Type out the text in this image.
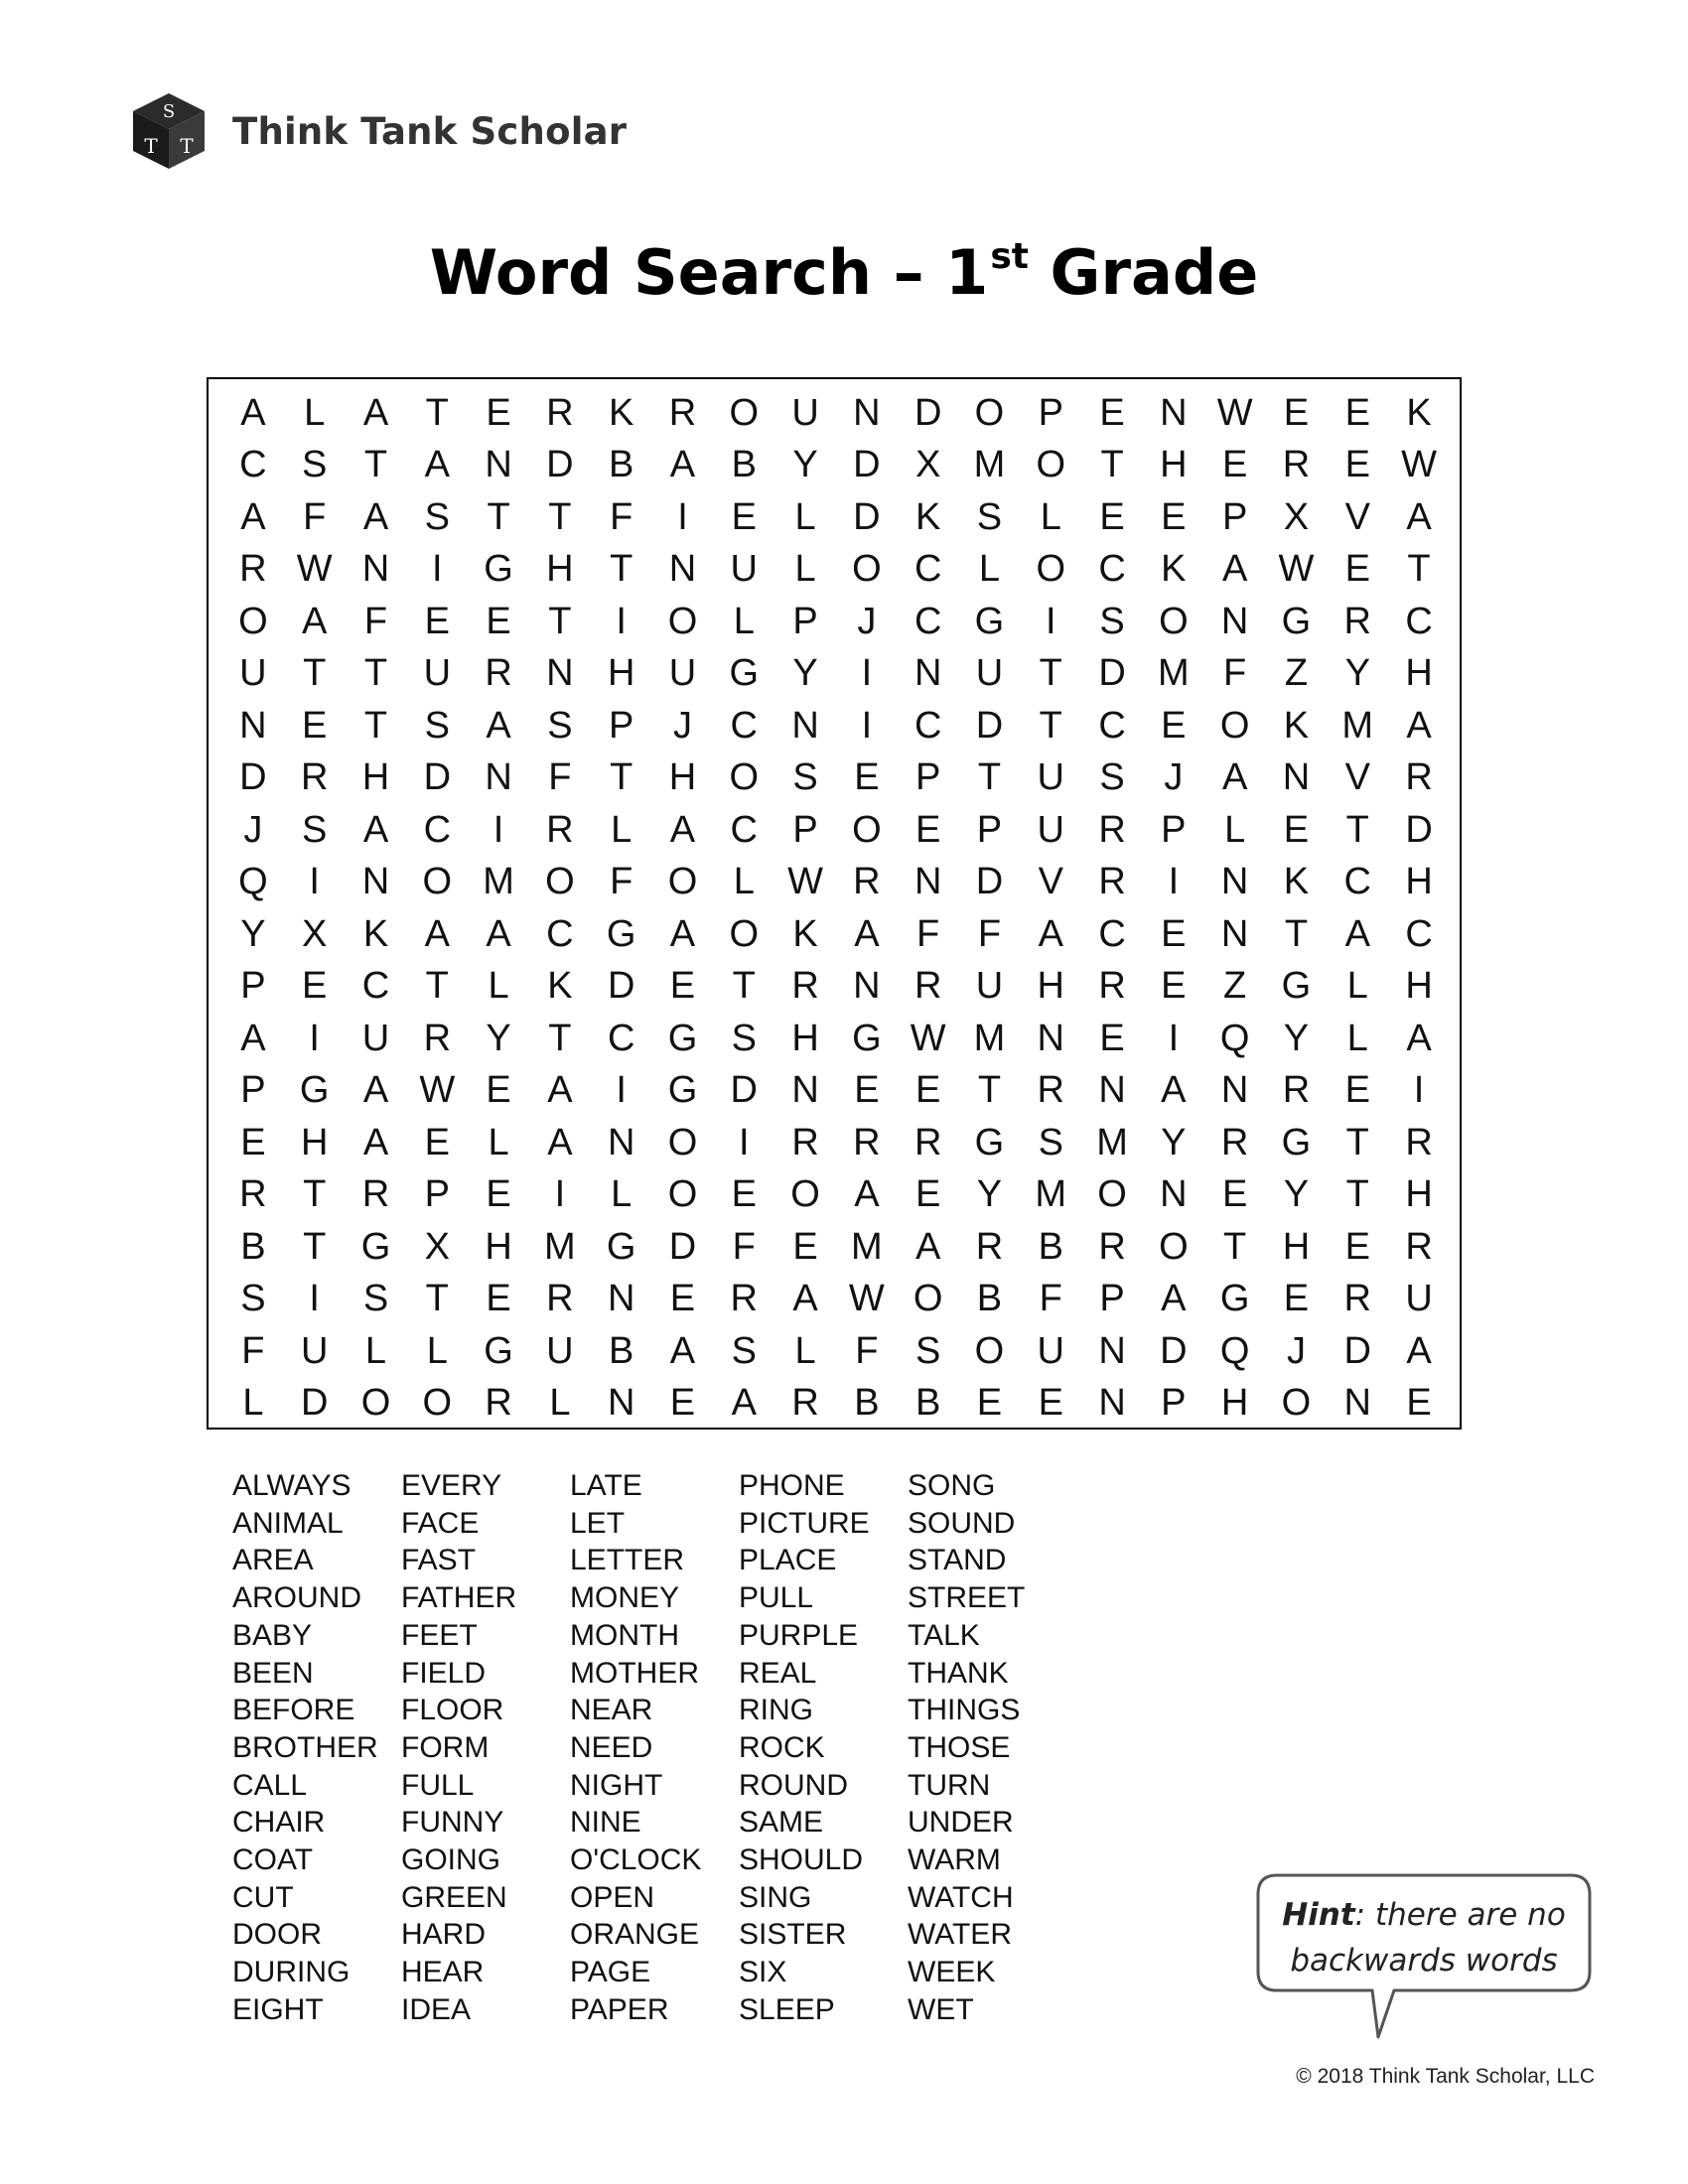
S
T T Think Tank Scholar
Word Search – 1st Grade
A	L	A T E R K R O U N D O P E N W E E K
C S T A N D B A B Y D X M O T H E R E W
A F A S T	T	F	I	E	L D K S	L	E E P X V A
R W N	I	G H T N U L O C L O C K A W E T
O A F E E T	I	O L	P	J	C G	I	S O N G R C
U T	T U R N H U G Y	I	N U T D M F	Z Y H
N E T S A S P	J	C N	I	C D T C E O K M A
D R H D N F	T H O S E P T U S	J	A N V R
J	S A C	I	R L	A C P O E P U R P	L	E T D
Q	I	N O M O F O L W R N D V R	I	N K C H
Y X K A A C G A O K A F	F A C E N T A C
P E C T	L	K D E T R N R U H R E Z G L H
A	I	U R Y T C G S H G W M N E	I	Q Y	L	A
P G A W E A	I	G D N E E T R N A N R E	I
E H A E	L	A N O	I	R R R G S M Y R G T R
R T R P E	I	L O E O A E Y M O N E Y T H
B T G X H M G D F E M A R B R O T H E R
S	I	S T E R N E R A W O B F P A G E R U
F U L	L G U B A S	L	F S O U N D Q J	D A
L D O O R L N E A R B B E E N P H O N E
ALWAYS
ANIMAL
AREA
AROUND
BABY
BEEN
BEFORE
BROTHER
CALL
CHAIR
COAT
CUT
DOOR
DURING
EIGHT
EVERY
FACE
FAST
FATHER
FEET
FIELD
FLOOR
FORM
FULL
FUNNY
GOING
GREEN
HARD
HEAR
IDEA
LATE
LET
LETTER
MONEY
MONTH
MOTHER
NEAR
NEED
NIGHT
NINE
O'CLOCK
OPEN
ORANGE
PAGE
PAPER
PHONE
PICTURE
PLACE
PULL
PURPLE
REAL
RING
ROCK
ROUND
SAME
SHOULD
SING
SISTER
SIX
SLEEP
SONG
SOUND
STAND
STREET
TALK
THANK
THINGS
THOSE
TURN
UNDER
WARM
WATCH
WATER
WEEK
WET
Hint: there are no
backwards words
© 2018 Think Tank Scholar, LLC
